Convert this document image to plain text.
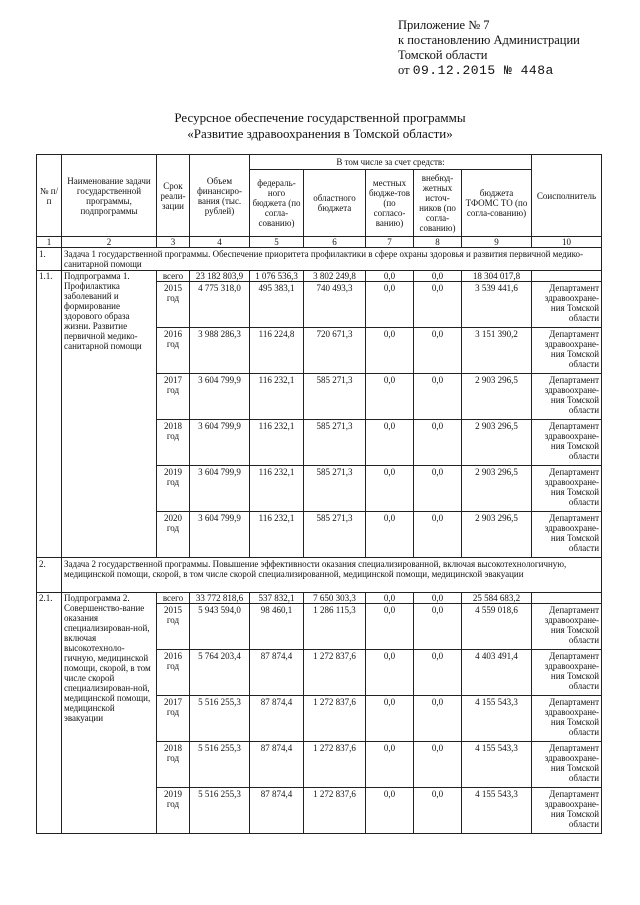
Приложение № 7
к постановлению Администрации
Томской области
от 09.12.2015 № 448а
Ресурсное обеспечение государственной программы
«Развитие здравоохранения в Томской области»
№ п/п	Наименование задачи государственной программы, подпрограммы	Срок реали-зации	Объем финансиро-вания (тыс. рублей)	В том числе за счет средств:					Соисполнитель
				федераль-ного бюджета (по согла-сованию)	областного бюджета	местных бюдже-тов (по согласо-ванию)	внебюд-жетных источ-ников (по согла-сованию)	бюджета ТФОМС ТО (по согла-сованию)	
1	2	3	4	5	6	7	8	9	10
1.	Задача 1 государственной программы. Обеспечение приоритета профилактики в сфере охраны здоровья и развития первичной медико-санитарной помощи								
1.1.	Подпрограмма 1. Профилактика заболеваний и формирование здорового образа жизни. Развитие первичной медико-санитарной помощи	всего	23 182 803,9	1 076 536,3	3 802 249,8	0,0	0,0	18 304 017,8	
		2015 год	4 775 318,0	495 383,1	740 493,3	0,0	0,0	3 539 441,6	Департамент здравоохране-ния Томской области
		2016 год	3 988 286,3	116 224,8	720 671,3	0,0	0,0	3 151 390,2	Департамент здравоохране-ния Томской области
		2017 год	3 604 799,9	116 232,1	585 271,3	0,0	0,0	2 903 296,5	Департамент здравоохране-ния Томской области
		2018 год	3 604 799,9	116 232,1	585 271,3	0,0	0,0	2 903 296,5	Департамент здравоохране-ния Томской области
		2019 год	3 604 799,9	116 232,1	585 271,3	0,0	0,0	2 903 296,5	Департамент здравоохране-ния Томской области
		2020 год	3 604 799,9	116 232,1	585 271,3	0,0	0,0	2 903 296,5	Департамент здравоохране-ния Томской области
2.	Задача 2 государственной программы. Повышение эффективности оказания специализированной, включая высокотехнологичную, медицинской помощи, скорой, в том числе скорой специализированной, медицинской помощи, медицинской эвакуации								
2.1.	Подпрограмма 2. Совершенство-вание оказания специализирован-ной, включая высокотехноло-гичную, медицинской помощи, скорой, в том числе скорой специализирован-ной, медицинской помощи, медицинской эвакуации	всего	33 772 818,6	537 832,1	7 650 303,3	0,0	0,0	25 584 683,2	
		2015 год	5 943 594,0	98 460,1	1 286 115,3	0,0	0,0	4 559 018,6	Департамент здравоохране-ния Томской области
		2016 год	5 764 203,4	87 874,4	1 272 837,6	0,0	0,0	4 403 491,4	Департамент здравоохране-ния Томской области
		2017 год	5 516 255,3	87 874,4	1 272 837,6	0,0	0,0	4 155 543,3	Департамент здравоохране-ния Томской области
		2018 год	5 516 255,3	87 874,4	1 272 837,6	0,0	0,0	4 155 543,3	Департамент здравоохране-ния Томской области
		2019 год	5 516 255,3	87 874,4	1 272 837,6	0,0	0,0	4 155 543,3	Департамент здравоохране-ния Томской области
